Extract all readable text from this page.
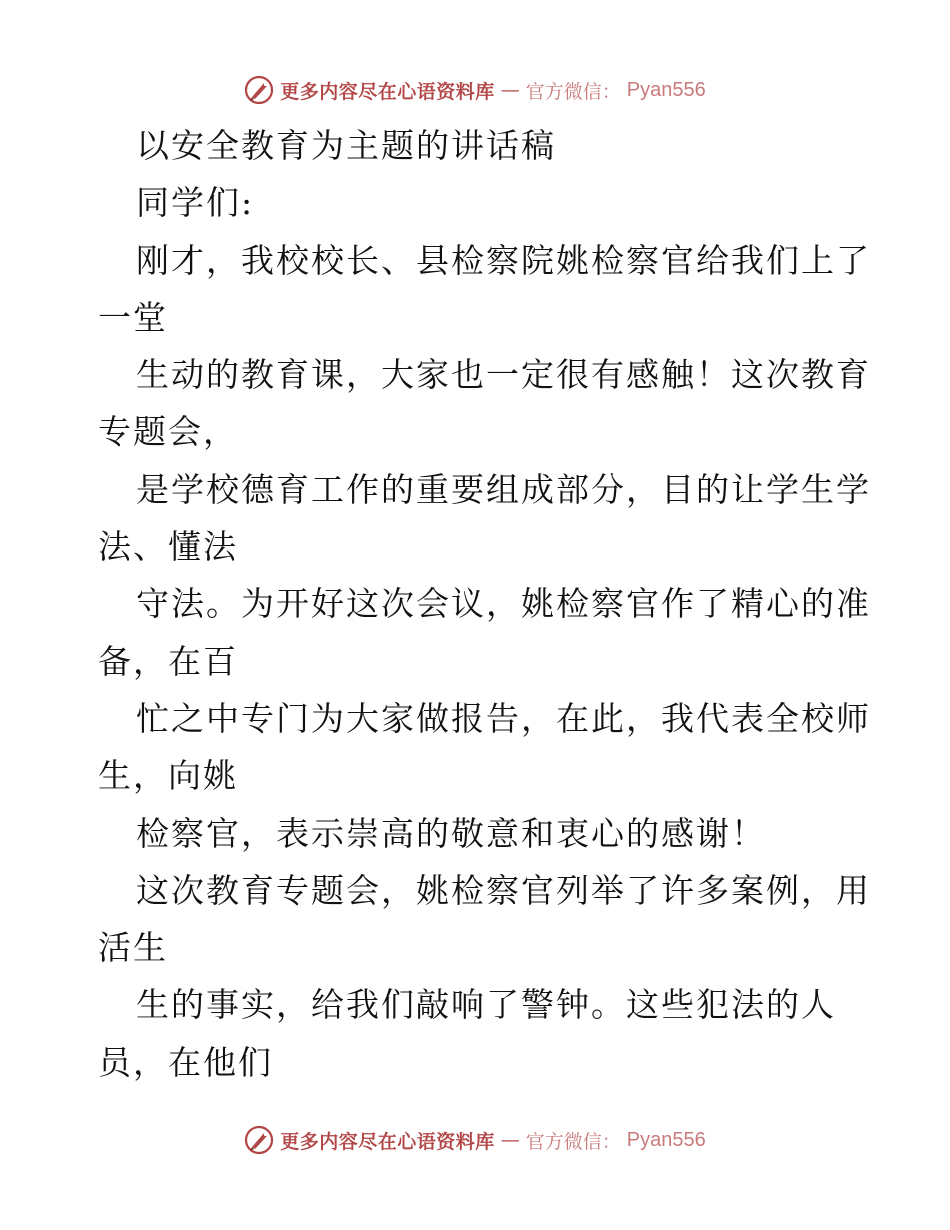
更多内容尽在心语资料库 — 官方微信： Pyan556
以安全教育为主题的讲话稿
同学们:
刚才，我校校长、县检察院姚检察官给我们上了
一堂
生动的教育课，大家也一定很有感触！这次教育
专题会，
是学校德育工作的重要组成部分，目的让学生学
法、懂法
守法。为开好这次会议，姚检察官作了精心的准
备，在百
忙之中专门为大家做报告，在此，我代表全校师
生，向姚
检察官，表示崇高的敬意和衷心的感谢！
这次教育专题会，姚检察官列举了许多案例，用
活生
生的事实，给我们敲响了警钟。这些犯法的人
员，在他们
更多内容尽在心语资料库 — 官方微信： Pyan556
